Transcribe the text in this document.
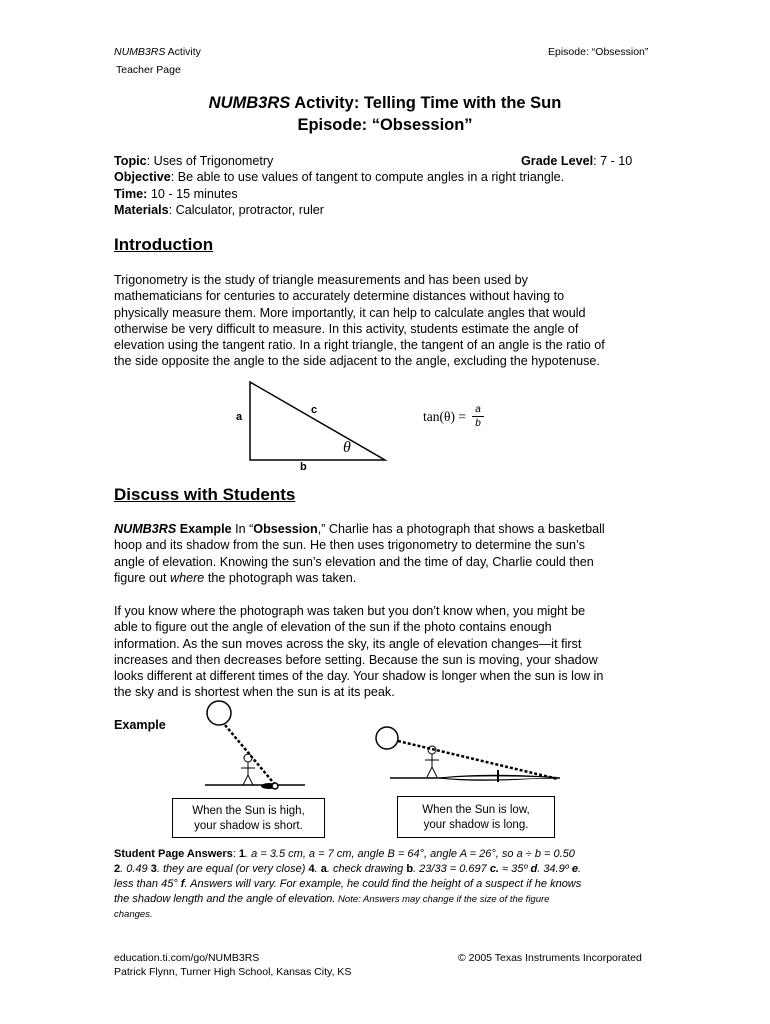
NUMB3RS Activity
Teacher Page
Episode: “Obsession”
NUMB3RS Activity: Telling Time with the Sun
Episode: “Obsession”
Topic: Uses of Trigonometry
Objective: Be able to use values of tangent to compute angles in a right triangle.
Time: 10 - 15 minutes
Materials: Calculator, protractor, ruler
Grade Level: 7 - 10
Introduction
Trigonometry is the study of triangle measurements and has been used by
mathematicians for centuries to accurately determine distances without having to
physically measure them. More importantly, it can help to calculate angles that would
otherwise be very difficult to measure. In this activity, students estimate the angle of
elevation using the tangent ratio. In a right triangle, the tangent of an angle is the ratio of
the side opposite the angle to the side adjacent to the angle, excluding the hypotenuse.
a
c
b
θ
tan(θ) = a
b
Discuss with Students
NUMB3RS Example In “Obsession,” Charlie has a photograph that shows a basketball
hoop and its shadow from the sun. He then uses trigonometry to determine the sun’s
angle of elevation. Knowing the sun’s elevation and the time of day, Charlie could then
figure out where the photograph was taken.
If you know where the photograph was taken but you don’t know when, you might be
able to figure out the angle of elevation of the sun if the photo contains enough
information. As the sun moves across the sky, its angle of elevation changes—it first
increases and then decreases before setting. Because the sun is moving, your shadow
looks different at different times of the day. Your shadow is longer when the sun is low in
the sky and is shortest when the sun is at its peak.
Example
When the Sun is high,
your shadow is short.
When the Sun is low,
your shadow is long.
Student Page Answers: 1. a = 3.5 cm, a = 7 cm, angle B = 64°, angle A = 26°, so a ÷ b = 0.50
2. 0.49 3. they are equal (or very close) 4. a. check drawing b. 23/33 = 0.697 c. ≈ 35º d. 34.9º e.
less than 45° f. Answers will vary. For example, he could find the height of a suspect if he knows
the shadow length and the angle of elevation. Note: Answers may change if the size of the figure
changes.
education.ti.com/go/NUMB3RS
Patrick Flynn, Turner High School, Kansas City, KS
© 2005 Texas Instruments Incorporated
